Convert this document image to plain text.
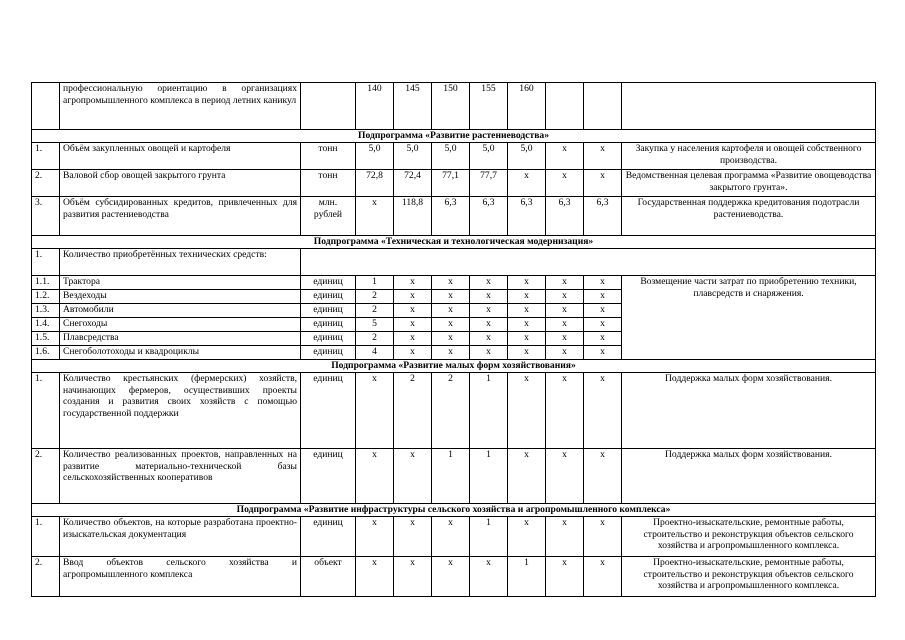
	профессиональную ориентацию в организациях агропромышленного комплекса в период летних каникул		140	145	150	155	160			
Подпрограмма «Развитие растениеводства»										
1.	Объём закупленных овощей и картофеля	тонн	5,0	5,0	5,0	5,0	5,0	х	х	Закупка у населения картофеля и овощей собственного производства.
2.	Валовой сбор овощей закрытого грунта	тонн	72,8	72,4	77,1	77,7	х	х	х	Ведомственная целевая программа «Развитие овощеводства закрытого грунта».
3.	Объём субсидированных кредитов, привлеченных для развития растениеводства	млн. рублей	х	118,8	6,3	6,3	6,3	6,3	6,3	Государственная поддержка кредитования подотрасли растениеводства.
Подпрограмма «Техническая и технологическая модернизация»										
1.	Количество приобретённых технических средств:									
1.1.	Трактора	единиц	1	х	х	х	х	х	х	Возмещение части затрат по приобретению техники, плавсредств и снаряжения.
1.2.	Вездеходы	единиц	2	х	х	х	х	х	х	
1.3.	Автомобили	единиц	2	х	х	х	х	х	х	
1.4.	Снегоходы	единиц	5	х	х	х	х	х	х	
1.5.	Плавсредства	единиц	2	х	х	х	х	х	х	
1.6.	Снегоболотоходы и квадроциклы	единиц	4	х	х	х	х	х	х	
Подпрограмма «Развитие малых форм хозяйствования»										
1.	Количество крестьянских (фермерских) хозяйств, начинающих фермеров, осуществивших проекты создания и развития своих хозяйств с помощью государственной поддержки	единиц	х	2	2	1	х	х	х	Поддержка малых форм хозяйствования.
2.	Количество реализованных проектов, направленных на развитие материально-технической базы сельскохозяйственных кооперативов	единиц	х	х	1	1	х	х	х	Поддержка малых форм хозяйствования.
Подпрограмма «Развитие инфраструктуры сельского хозяйства и агропромышленного комплекса»										
1.	Количество объектов, на которые разработана проектно-изыскательская документация	единиц	х	х	х	1	х	х	х	Проектно-изыскательские, ремонтные работы, строительство и реконструкция объектов сельского хозяйства и агропромышленного комплекса.
2.	Ввод объектов сельского хозяйства и агропромышленного комплекса	объект	х	х	х	х	1	х	х	Проектно-изыскательские, ремонтные работы, строительство и реконструкция объектов сельского хозяйства и агропромышленного комплекса.
